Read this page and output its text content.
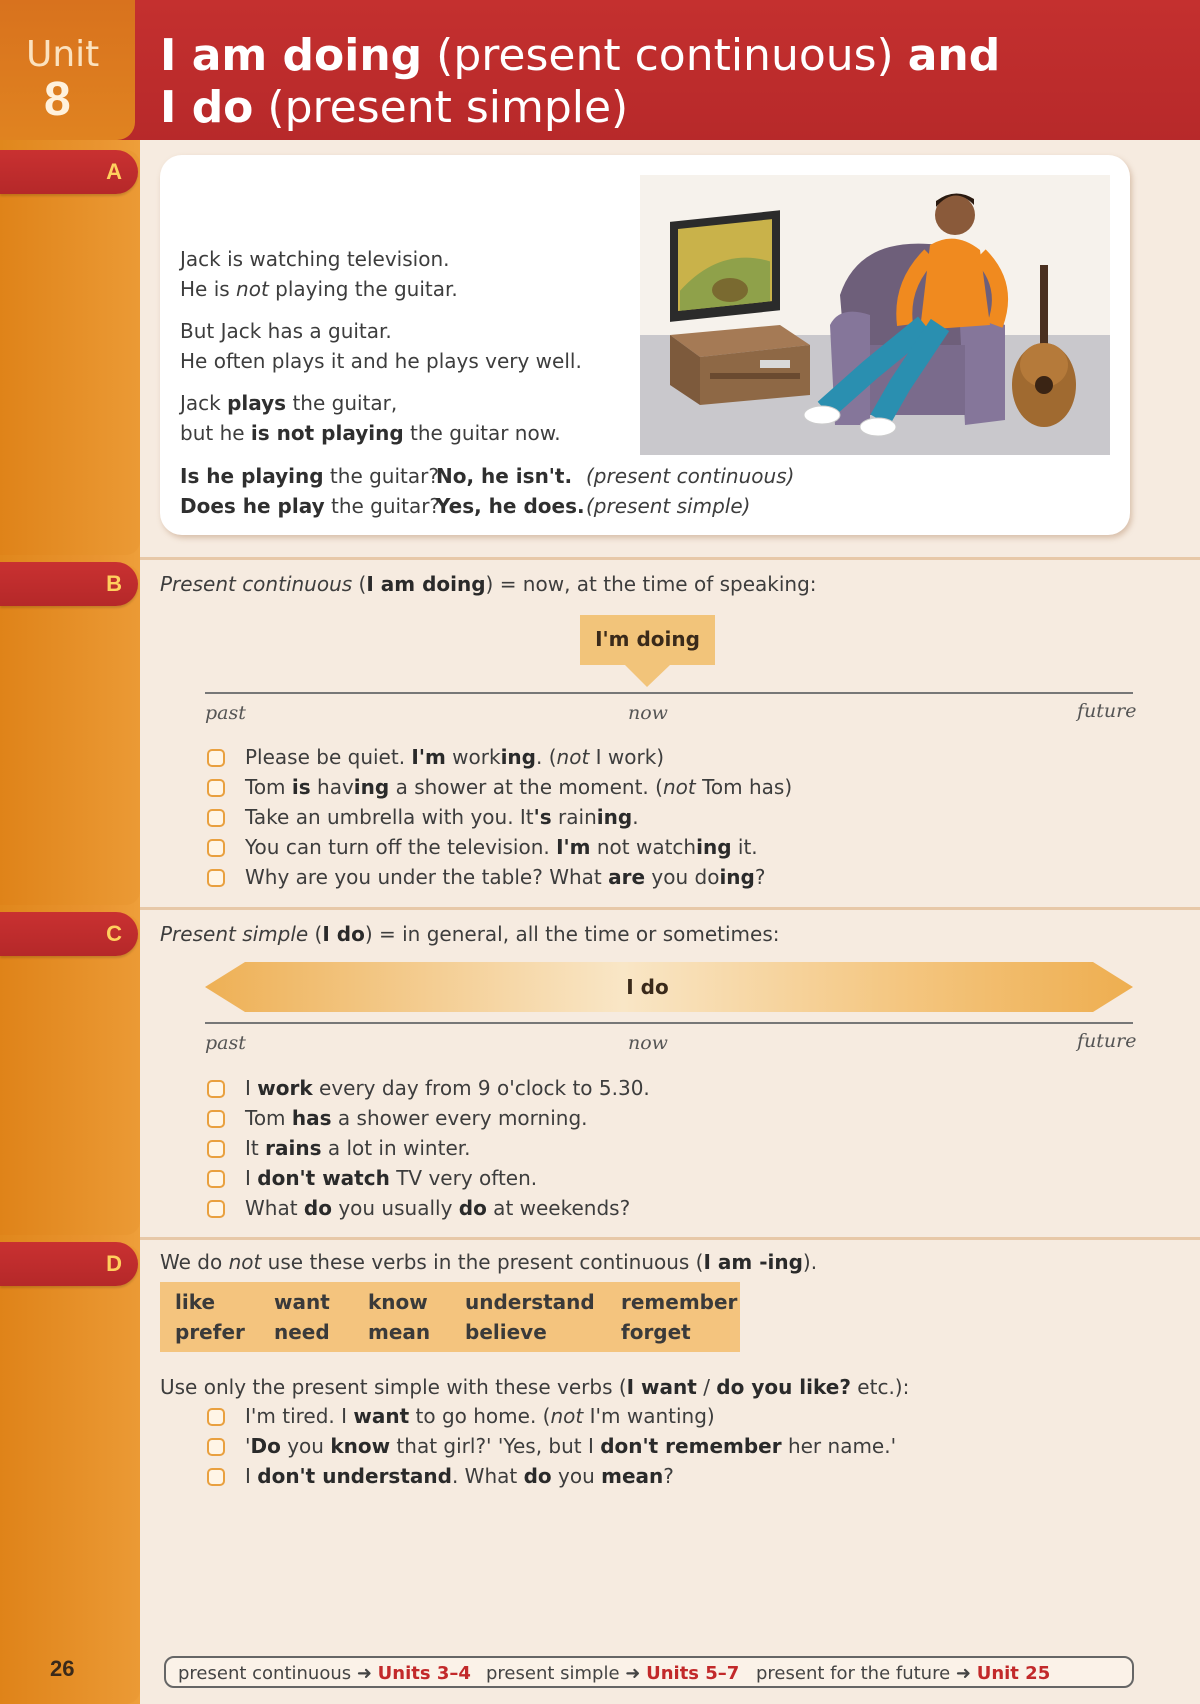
Unit
8
I am doing (present continuous) and
I do (present simple)
A
B
C
D
Jack is watching television.
He is not playing the guitar.
But Jack has a guitar.
He often plays it and he plays very well.
Jack plays the guitar,
but he is not playing the guitar now.
Is he playing the guitar?
No, he isn't. (present continuous)
Does he play the guitar?
Yes, he does. (present simple)
Present continuous (I am doing) = now, at the time of speaking:
I'm doing
past	now	future
Please be quiet. I'm working. (not I work)
Tom is having a shower at the moment. (not Tom has)
Take an umbrella with you. It's raining.
You can turn off the television. I'm not watching it.
Why are you under the table? What are you doing?
Present simple (I do) = in general, all the time or sometimes:
I do
past	now	future
I work every day from 9 o'clock to 5.30.
Tom has a shower every morning.
It rains a lot in winter.
I don't watch TV very often.
What do you usually do at weekends?
We do not use these verbs in the present continuous (I am -ing).
like	want know understand remember
prefer need mean believe	forget
Use only the present simple with these verbs (I want / do you like? etc.):
I'm tired. I want to go home. (not I'm wanting)
'Do you know that girl?' 'Yes, but I don't remember her name.'
I don't understand. What do you mean?
26	present continuous ➜ Units 3–4 present simple ➜ Units 5–7 present for the future ➜ Unit 25
